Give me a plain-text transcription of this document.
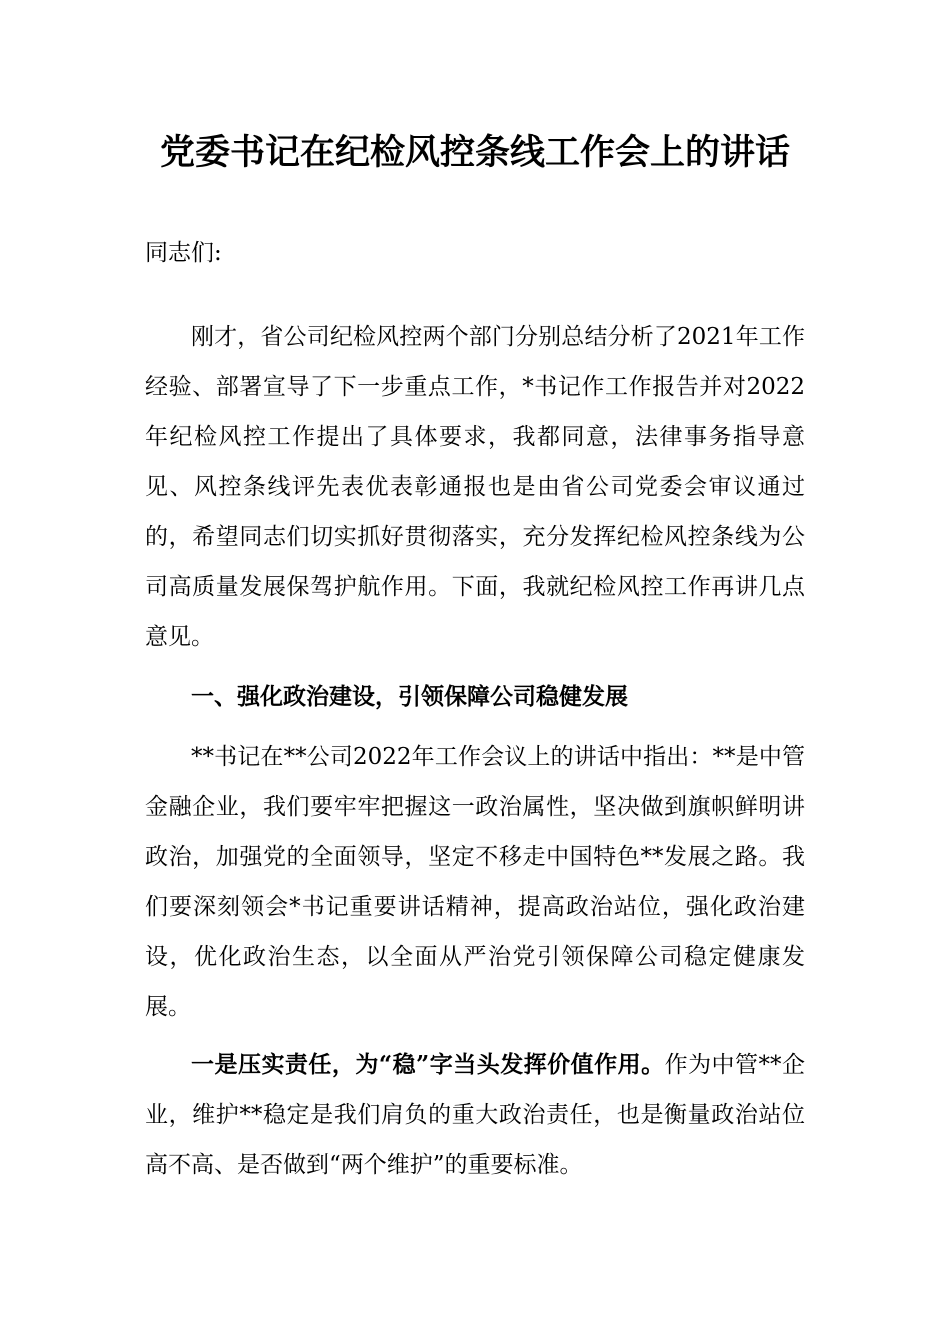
党委书记在纪检风控条线工作会上的讲话

同志们:

刚才，省公司纪检风控两个部门分别总结分析了2021年工作经验、部署宣导了下一步重点工作，*书记作工作报告并对2022年纪检风控工作提出了具体要求，我都同意，法律事务指导意见、风控条线评先表优表彰通报也是由省公司党委会审议通过的，希望同志们切实抓好贯彻落实，充分发挥纪检风控条线为公司高质量发展保驾护航作用。下面，我就纪检风控工作再讲几点意见。

一、强化政治建设，引领保障公司稳健发展

**书记在**公司2022年工作会议上的讲话中指出：**是中管金融企业，我们要牢牢把握这一政治属性，坚决做到旗帜鲜明讲政治，加强党的全面领导，坚定不移走中国特色**发展之路。我们要深刻领会*书记重要讲话精神，提高政治站位，强化政治建设，优化政治生态，以全面从严治党引领保障公司稳定健康发展。

一是压实责任，为“稳”字当头发挥价值作用。作为中管**企业，维护**稳定是我们肩负的重大政治责任，也是衡量政治站位高不高、是否做到“两个维护”的重要标准。
